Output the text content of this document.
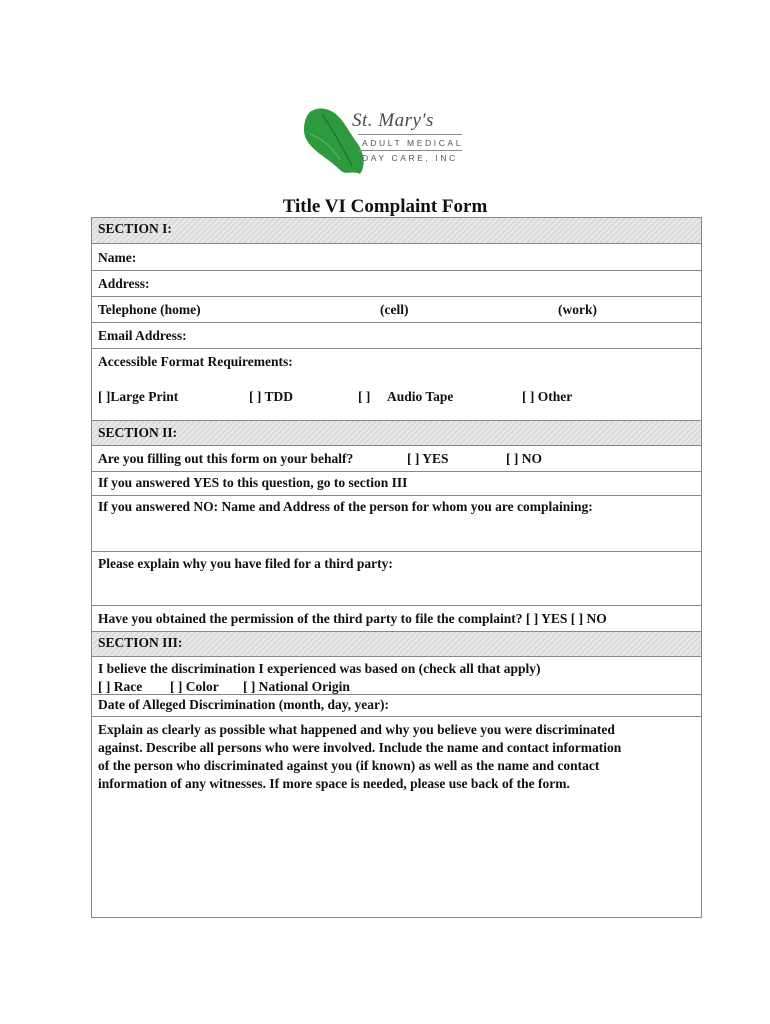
St. Mary's
ADULT MEDICAL
DAY CARE, INC
Title VI Complaint Form
SECTION I:
Name:
Address:
Telephone (home)	(cell)	(work)
Email Address:
Accessible Format Requirements:
[ ]Large Print	[ ] TDD	[ ] Audio Tape	[ ] Other
SECTION II:
Are you filling out this form on your behalf?	[ ] YES	[ ] NO
If you answered YES to this question, go to section III
If you answered NO: Name and Address of the person for whom you are complaining:
Please explain why you have filed for a third party:
Have you obtained the permission of the third party to file the complaint? [ ] YES [ ] NO
SECTION III:
I believe the discrimination I experienced was based on (check all that apply)
[ ] Race [ ] Color [ ] National Origin
Date of Alleged Discrimination (month, day, year):
Explain as clearly as possible what happened and why you believe you were discriminated
against. Describe all persons who were involved. Include the name and contact information
of the person who discriminated against you (if known) as well as the name and contact
information of any witnesses. If more space is needed, please use back of the form.
